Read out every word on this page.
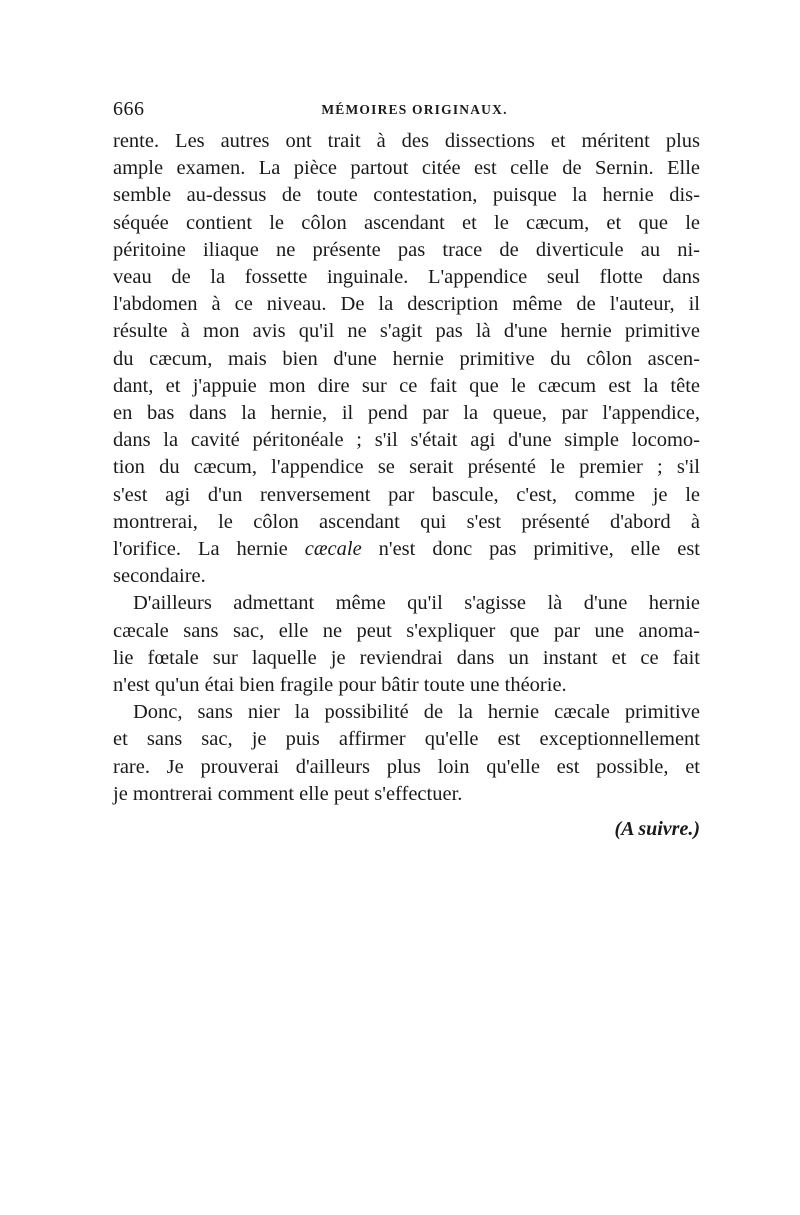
666	MÉMOIRES ORIGINAUX.

rente. Les autres ont trait à des dissections et méritent plus
ample examen. La pièce partout citée est celle de Sernin. Elle
semble au-dessus de toute contestation, puisque la hernie dis-
séquée contient le côlon ascendant et le cæcum, et que le
péritoine iliaque ne présente pas trace de diverticule au ni-
veau de la fossette inguinale. L'appendice seul flotte dans
l'abdomen à ce niveau. De la description même de l'auteur, il
résulte à mon avis qu'il ne s'agit pas là d'une hernie primitive
du cæcum, mais bien d'une hernie primitive du côlon ascen-
dant, et j'appuie mon dire sur ce fait que le cæcum est la tête
en bas dans la hernie, il pend par la queue, par l'appendice,
dans la cavité péritonéale ; s'il s'était agi d'une simple locomo-
tion du cæcum, l'appendice se serait présenté le premier ; s'il
s'est agi d'un renversement par bascule, c'est, comme je le
montrerai, le côlon ascendant qui s'est présenté d'abord à
l'orifice. La hernie cæcale n'est donc pas primitive, elle est
secondaire.

D'ailleurs admettant même qu'il s'agisse là d'une hernie
cæcale sans sac, elle ne peut s'expliquer que par une anoma-
lie fœtale sur laquelle je reviendrai dans un instant et ce fait
n'est qu'un étai bien fragile pour bâtir toute une théorie.

Donc, sans nier la possibilité de la hernie cæcale primitive
et sans sac, je puis affirmer qu'elle est exceptionnellement
rare. Je prouverai d'ailleurs plus loin qu'elle est possible, et
je montrerai comment elle peut s'effectuer.

(A suivre.)
